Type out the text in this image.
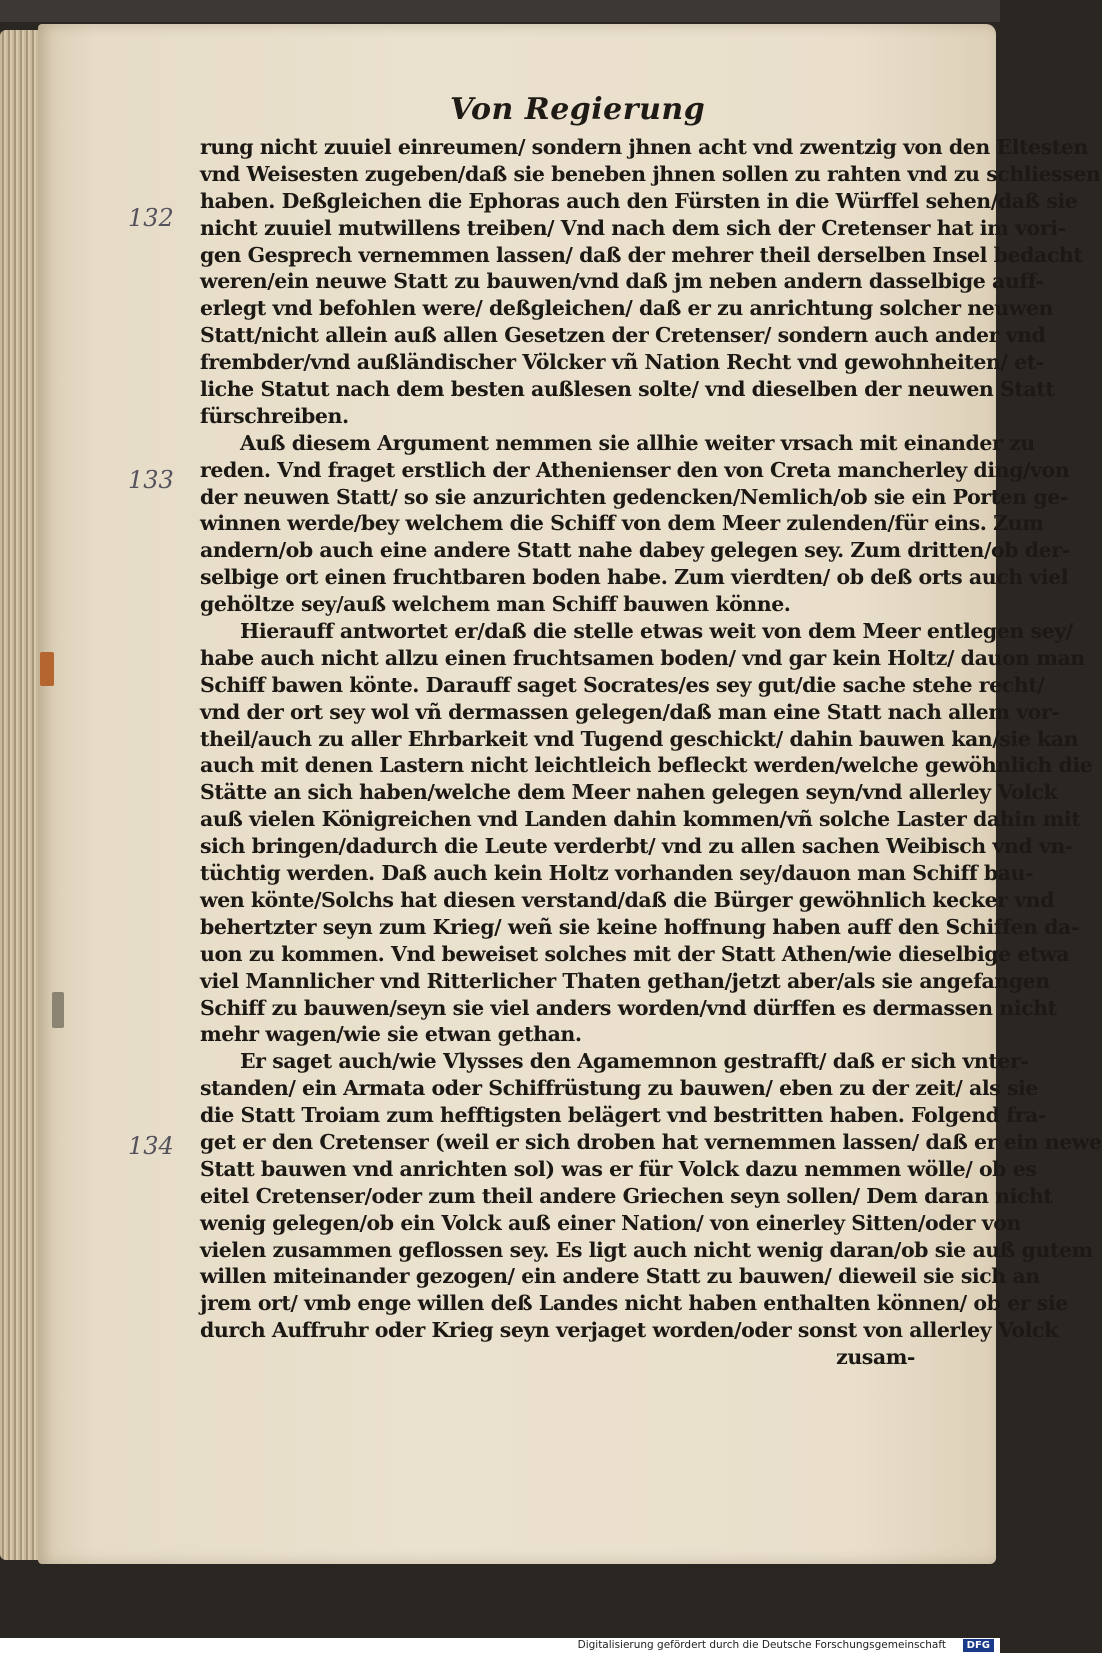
Von Regierung
132
133
134
rung nicht zuuiel einreumen/ sondern jhnen acht vnd zwentzig von den Eltesten
vnd Weisesten zugeben/daß sie beneben jhnen sollen zu rahten vnd zu schliessen
haben. Deßgleichen die Ephoras auch den Fürsten in die Würffel sehen/daß sie
nicht zuuiel mutwillens treiben/ Vnd nach dem sich der Cretenser hat im vori-
gen Gesprech vernemmen lassen/ daß der mehrer theil derselben Insel bedacht
weren/ein neuwe Statt zu bauwen/vnd daß jm neben andern dasselbige auff-
erlegt vnd befohlen were/ deßgleichen/ daß er zu anrichtung solcher neuwen
Statt/nicht allein auß allen Gesetzen der Cretenser/ sondern auch ander vnd
frembder/vnd außländischer Völcker vñ Nation Recht vnd gewohnheiten/ et-
liche Statut nach dem besten außlesen solte/ vnd dieselben der neuwen Statt
fürschreiben.
Auß diesem Argument nemmen sie allhie weiter vrsach mit einander zu
reden. Vnd fraget erstlich der Athenienser den von Creta mancherley ding/von
der neuwen Statt/ so sie anzurichten gedencken/Nemlich/ob sie ein Porten ge-
winnen werde/bey welchem die Schiff von dem Meer zulenden/für eins. Zum
andern/ob auch eine andere Statt nahe dabey gelegen sey. Zum dritten/ob der-
selbige ort einen fruchtbaren boden habe. Zum vierdten/ ob deß orts auch viel
gehöltze sey/auß welchem man Schiff bauwen könne.
Hierauff antwortet er/daß die stelle etwas weit von dem Meer entlegen sey/
habe auch nicht allzu einen fruchtsamen boden/ vnd gar kein Holtz/ dauon man
Schiff bawen könte. Darauff saget Socrates/es sey gut/die sache stehe recht/
vnd der ort sey wol vñ dermassen gelegen/daß man eine Statt nach allem vor-
theil/auch zu aller Ehrbarkeit vnd Tugend geschickt/ dahin bauwen kan/sie kan
auch mit denen Lastern nicht leichtleich befleckt werden/welche gewöhnlich die
Stätte an sich haben/welche dem Meer nahen gelegen seyn/vnd allerley Volck
auß vielen Königreichen vnd Landen dahin kommen/vñ solche Laster dahin mit
sich bringen/dadurch die Leute verderbt/ vnd zu allen sachen Weibisch vnd vn-
tüchtig werden. Daß auch kein Holtz vorhanden sey/dauon man Schiff bau-
wen könte/Solchs hat diesen verstand/daß die Bürger gewöhnlich kecker vnd
behertzter seyn zum Krieg/ weñ sie keine hoffnung haben auff den Schiffen da-
uon zu kommen. Vnd beweiset solches mit der Statt Athen/wie dieselbige etwa
viel Mannlicher vnd Ritterlicher Thaten gethan/jetzt aber/als sie angefangen
Schiff zu bauwen/seyn sie viel anders worden/vnd dürffen es dermassen nicht
mehr wagen/wie sie etwan gethan.
Er saget auch/wie Vlysses den Agamemnon gestrafft/ daß er sich vnter-
standen/ ein Armata oder Schiffrüstung zu bauwen/ eben zu der zeit/ als sie
die Statt Troiam zum hefftigsten belägert vnd bestritten haben. Folgend fra-
get er den Cretenser (weil er sich droben hat vernemmen lassen/ daß er ein newe
Statt bauwen vnd anrichten sol) was er für Volck dazu nemmen wölle/ ob es
eitel Cretenser/oder zum theil andere Griechen seyn sollen/ Dem daran nicht
wenig gelegen/ob ein Volck auß einer Nation/ von einerley Sitten/oder von
vielen zusammen geflossen sey. Es ligt auch nicht wenig daran/ob sie auß gutem
willen miteinander gezogen/ ein andere Statt zu bauwen/ dieweil sie sich an
jrem ort/ vmb enge willen deß Landes nicht haben enthalten können/ ob er sie
durch Auffruhr oder Krieg seyn verjaget worden/oder sonst von allerley Volck
zusam-
Digitalisierung gefördert durch die Deutsche Forschungsgemeinschaft	DFG
